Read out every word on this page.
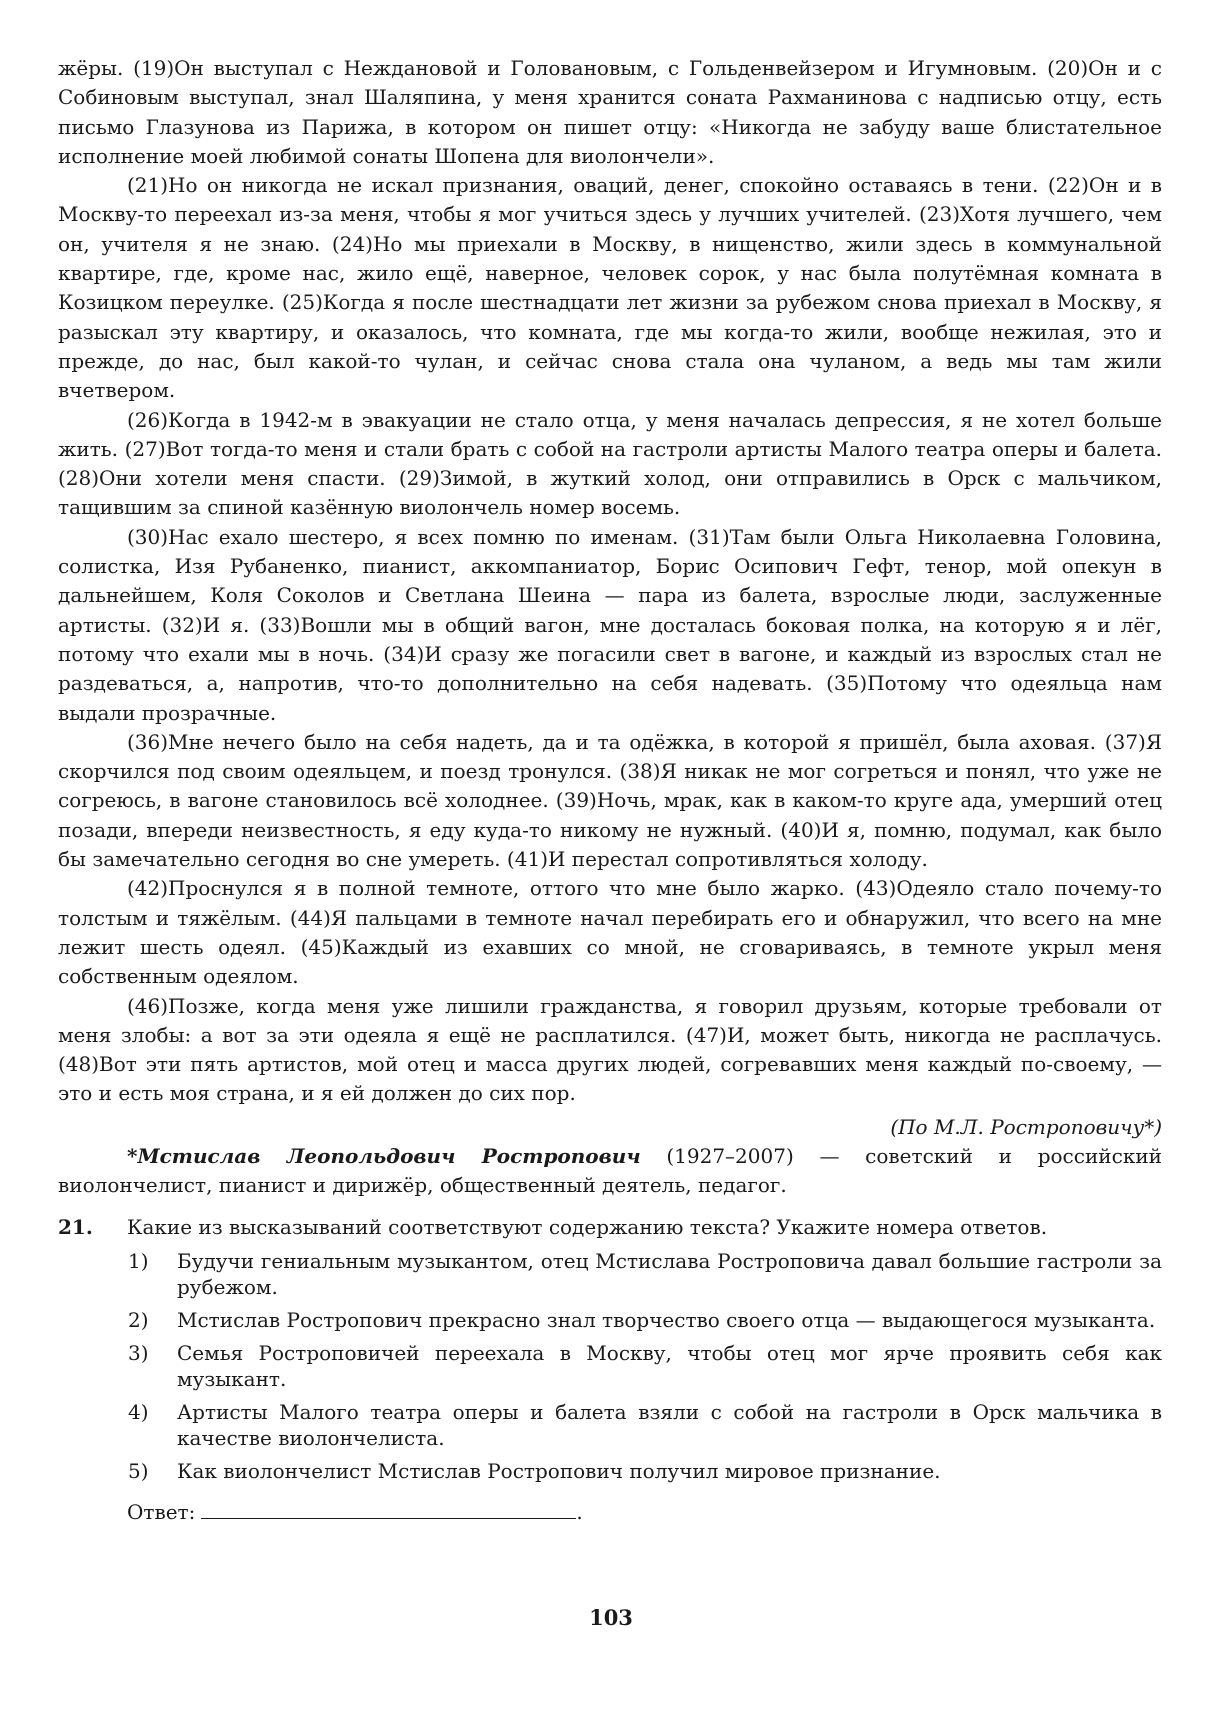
жёры. (19)Он выступал с Неждановой и Головановым, с Гольденвейзером и Игумновым. (20)Он и с Собиновым выступал, знал Шаляпина, у меня хранится соната Рахманинова с надписью отцу, есть письмо Глазунова из Парижа, в котором он пишет отцу: «Никогда не забуду ваше блистательное исполнение моей любимой сонаты Шопена для виолончели».

(21)Но он никогда не искал признания, оваций, денег, спокойно оставаясь в тени. (22)Он и в Москву-то переехал из-за меня, чтобы я мог учиться здесь у лучших учителей. (23)Хотя лучшего, чем он, учителя я не знаю. (24)Но мы приехали в Москву, в нищенство, жили здесь в коммунальной квартире, где, кроме нас, жило ещё, наверное, человек сорок, у нас была полутёмная комната в Козицком переулке. (25)Когда я после шестнадцати лет жизни за рубежом снова приехал в Москву, я разыскал эту квартиру, и оказалось, что комната, где мы когда-то жили, вообще нежилая, это и прежде, до нас, был какой-то чулан, и сейчас снова стала она чуланом, а ведь мы там жили вчетвером.

(26)Когда в 1942-м в эвакуации не стало отца, у меня началась депрессия, я не хотел больше жить. (27)Вот тогда-то меня и стали брать с собой на гастроли артисты Малого театра оперы и балета. (28)Они хотели меня спасти. (29)Зимой, в жуткий холод, они отправились в Орск с мальчиком, тащившим за спиной казённую виолончель номер восемь.

(30)Нас ехало шестеро, я всех помню по именам. (31)Там были Ольга Николаевна Головина, солистка, Изя Рубаненко, пианист, аккомпаниатор, Борис Осипович Гефт, тенор, мой опекун в дальнейшем, Коля Соколов и Светлана Шеина — пара из балета, взрослые люди, заслуженные артисты. (32)И я. (33)Вошли мы в общий вагон, мне досталась боковая полка, на которую я и лёг, потому что ехали мы в ночь. (34)И сразу же погасили свет в вагоне, и каждый из взрослых стал не раздеваться, а, напротив, что-то дополнительно на себя надевать. (35)Потому что одеяльца нам выдали прозрачные.

(36)Мне нечего было на себя надеть, да и та одёжка, в которой я пришёл, была аховая. (37)Я скорчился под своим одеяльцем, и поезд тронулся. (38)Я никак не мог согреться и понял, что уже не согреюсь, в вагоне становилось всё холоднее. (39)Ночь, мрак, как в каком-то круге ада, умерший отец позади, впереди неизвестность, я еду куда-то никому не нужный. (40)И я, помню, подумал, как было бы замечательно сегодня во сне умереть. (41)И перестал сопротивляться холоду.

(42)Проснулся я в полной темноте, оттого что мне было жарко. (43)Одеяло стало почему-то толстым и тяжёлым. (44)Я пальцами в темноте начал перебирать его и обнаружил, что всего на мне лежит шесть одеял. (45)Каждый из ехавших со мной, не сговариваясь, в темноте укрыл меня собственным одеялом.

(46)Позже, когда меня уже лишили гражданства, я говорил друзьям, которые требовали от меня злобы: а вот за эти одеяла я ещё не расплатился. (47)И, может быть, никогда не расплачусь. (48)Вот эти пять артистов, мой отец и масса других людей, согревавших меня каждый по-своему, — это и есть моя страна, и я ей должен до сих пор.

(По М.Л. Ростроповичу*)

*Мстислав Леопольдович Ростропович (1927–2007) — советский и российский виолончелист, пианист и дирижёр, общественный деятель, педагог.

21. Какие из высказываний соответствуют содержанию текста? Укажите номера ответов.
1) Будучи гениальным музыкантом, отец Мстислава Ростроповича давал большие гастроли за рубежом.
2) Мстислав Ростропович прекрасно знал творчество своего отца — выдающегося музыканта.
3) Семья Ростроповичей переехала в Москву, чтобы отец мог ярче проявить себя как музыкант.
4) Артисты Малого театра оперы и балета взяли с собой на гастроли в Орск мальчика в качестве виолончелиста.
5) Как виолончелист Мстислав Ростропович получил мировое признание.
Ответ:	.
103
